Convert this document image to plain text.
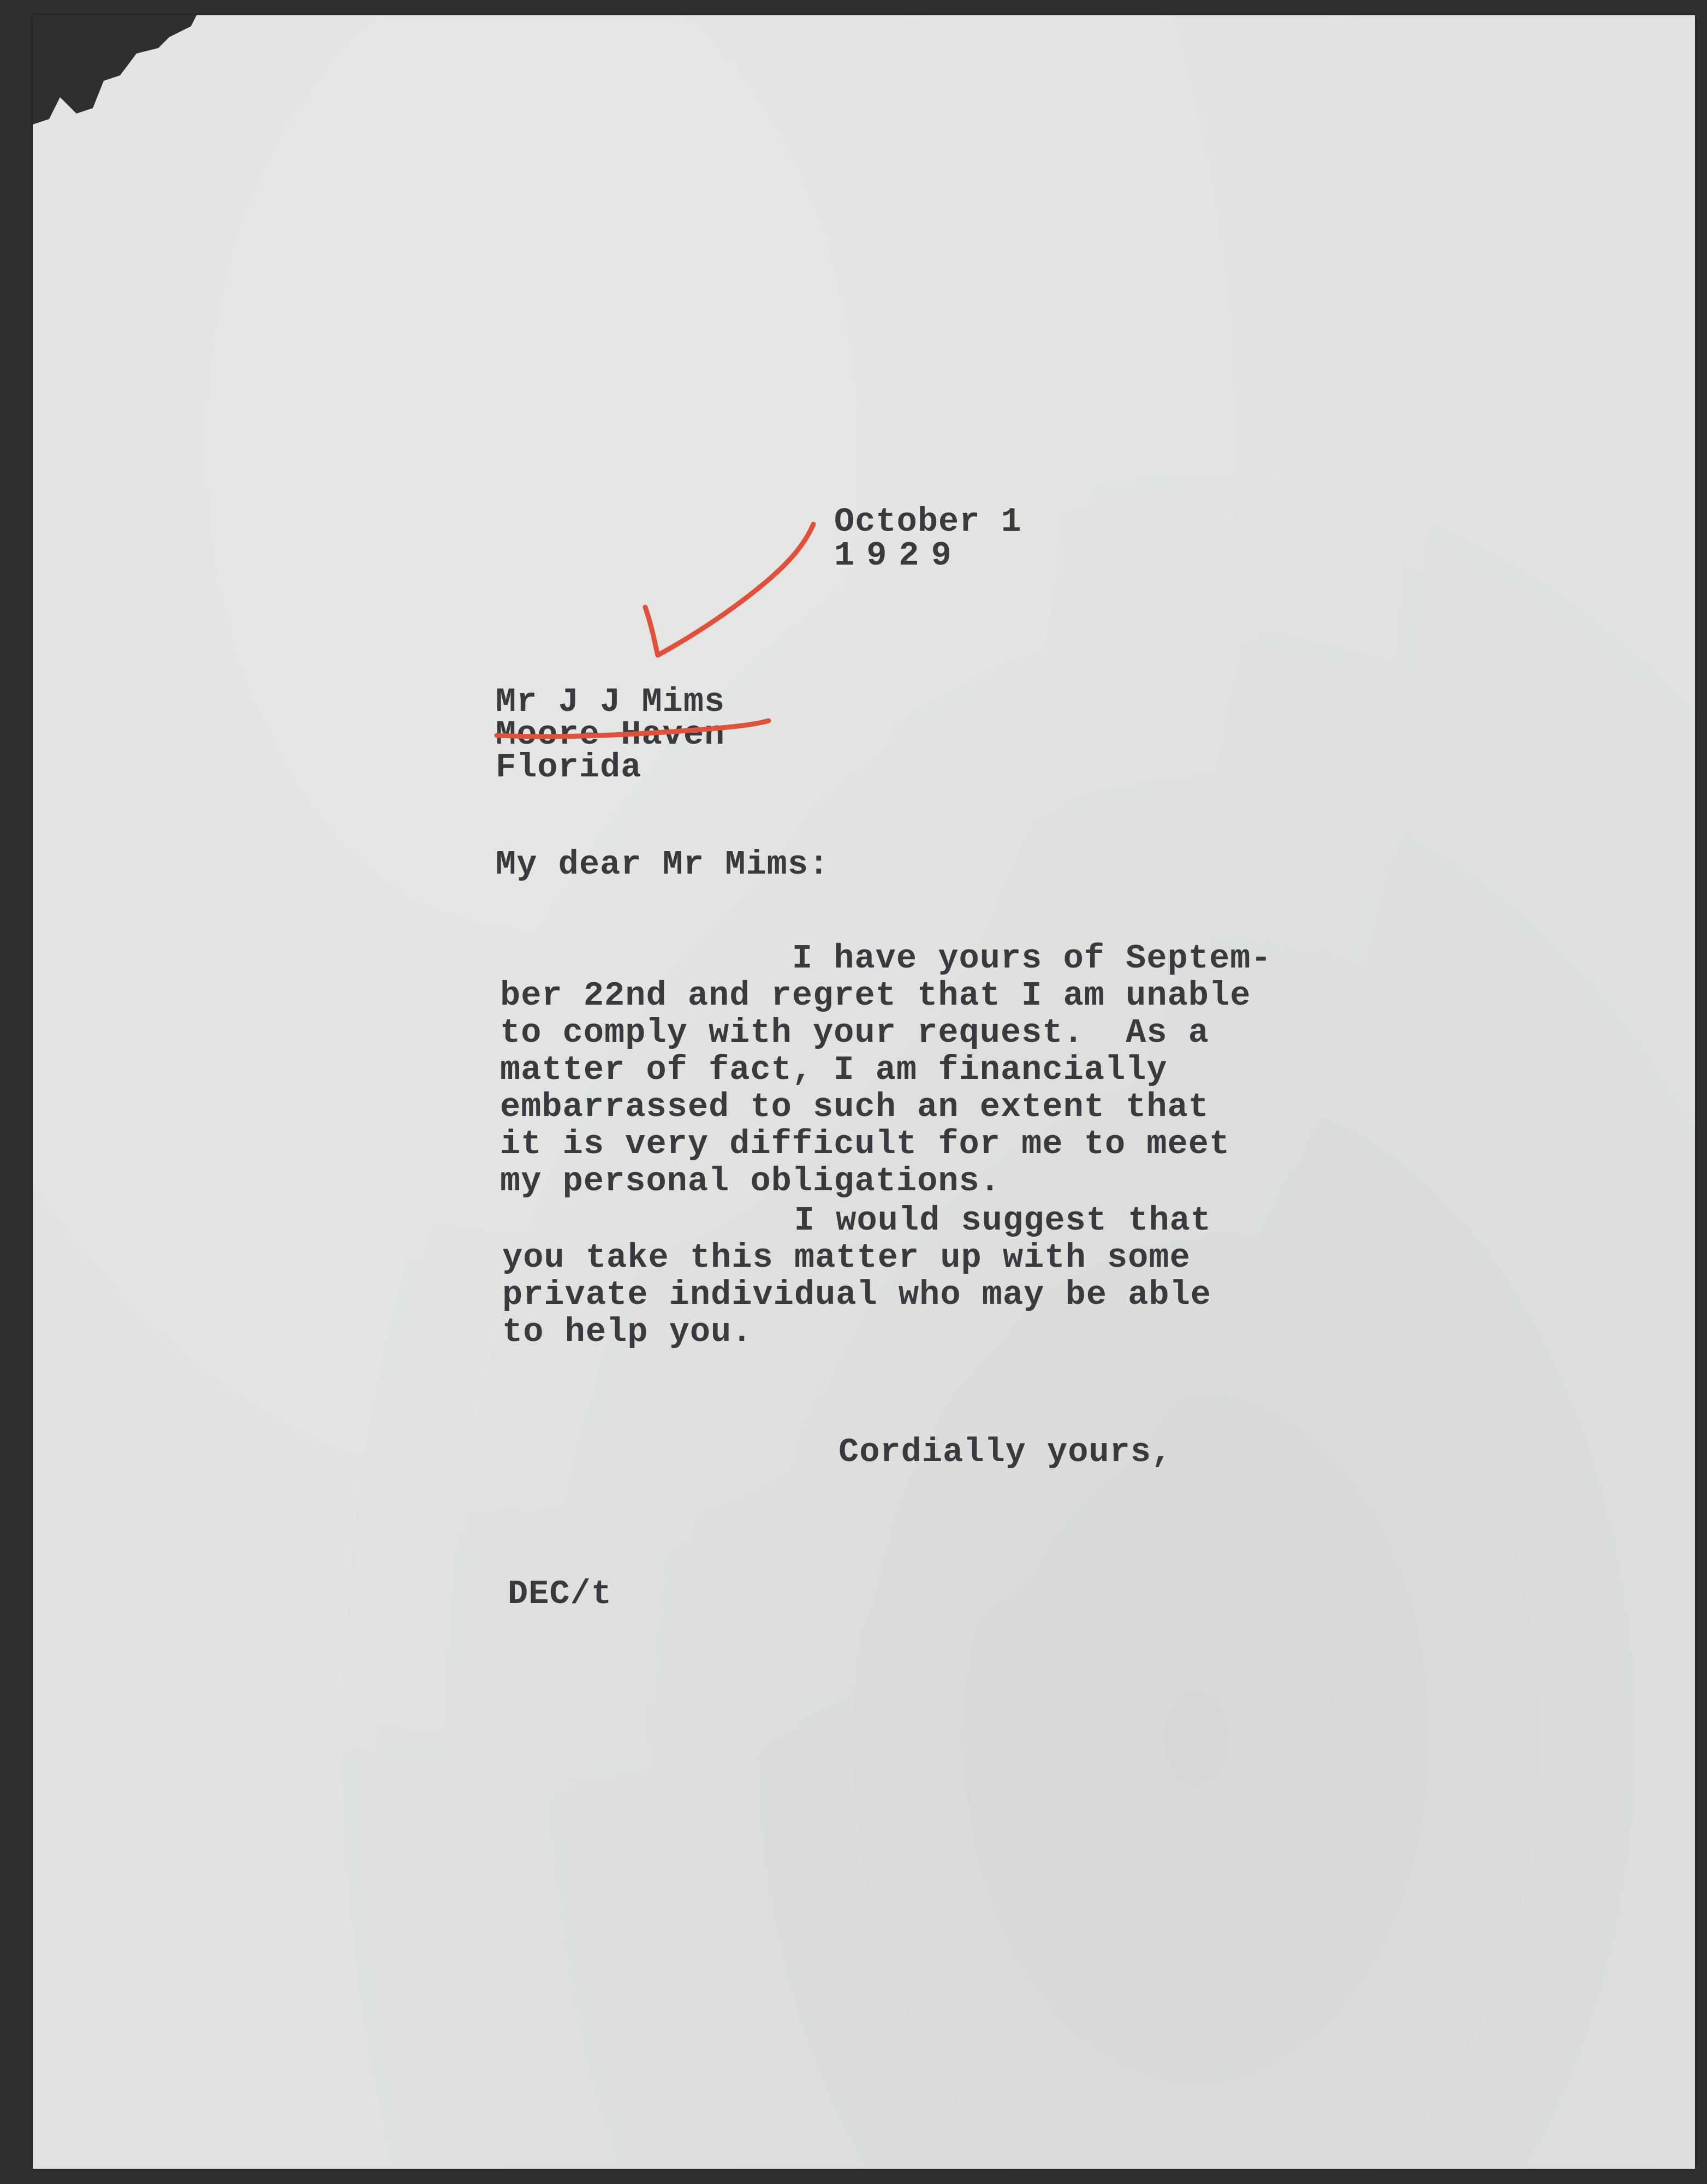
October 1
1929
Mr J J Mims
Moore Haven
Florida
My dear Mr Mims:
I have yours of Septem-
ber 22nd and regret that I am unable
to comply with your request.  As a
matter of fact, I am financially
embarrassed to such an extent that
it is very difficult for me to meet
my personal obligations.
I would suggest that
you take this matter up with some
private individual who may be able
to help you.
Cordially yours,
DEC/t
